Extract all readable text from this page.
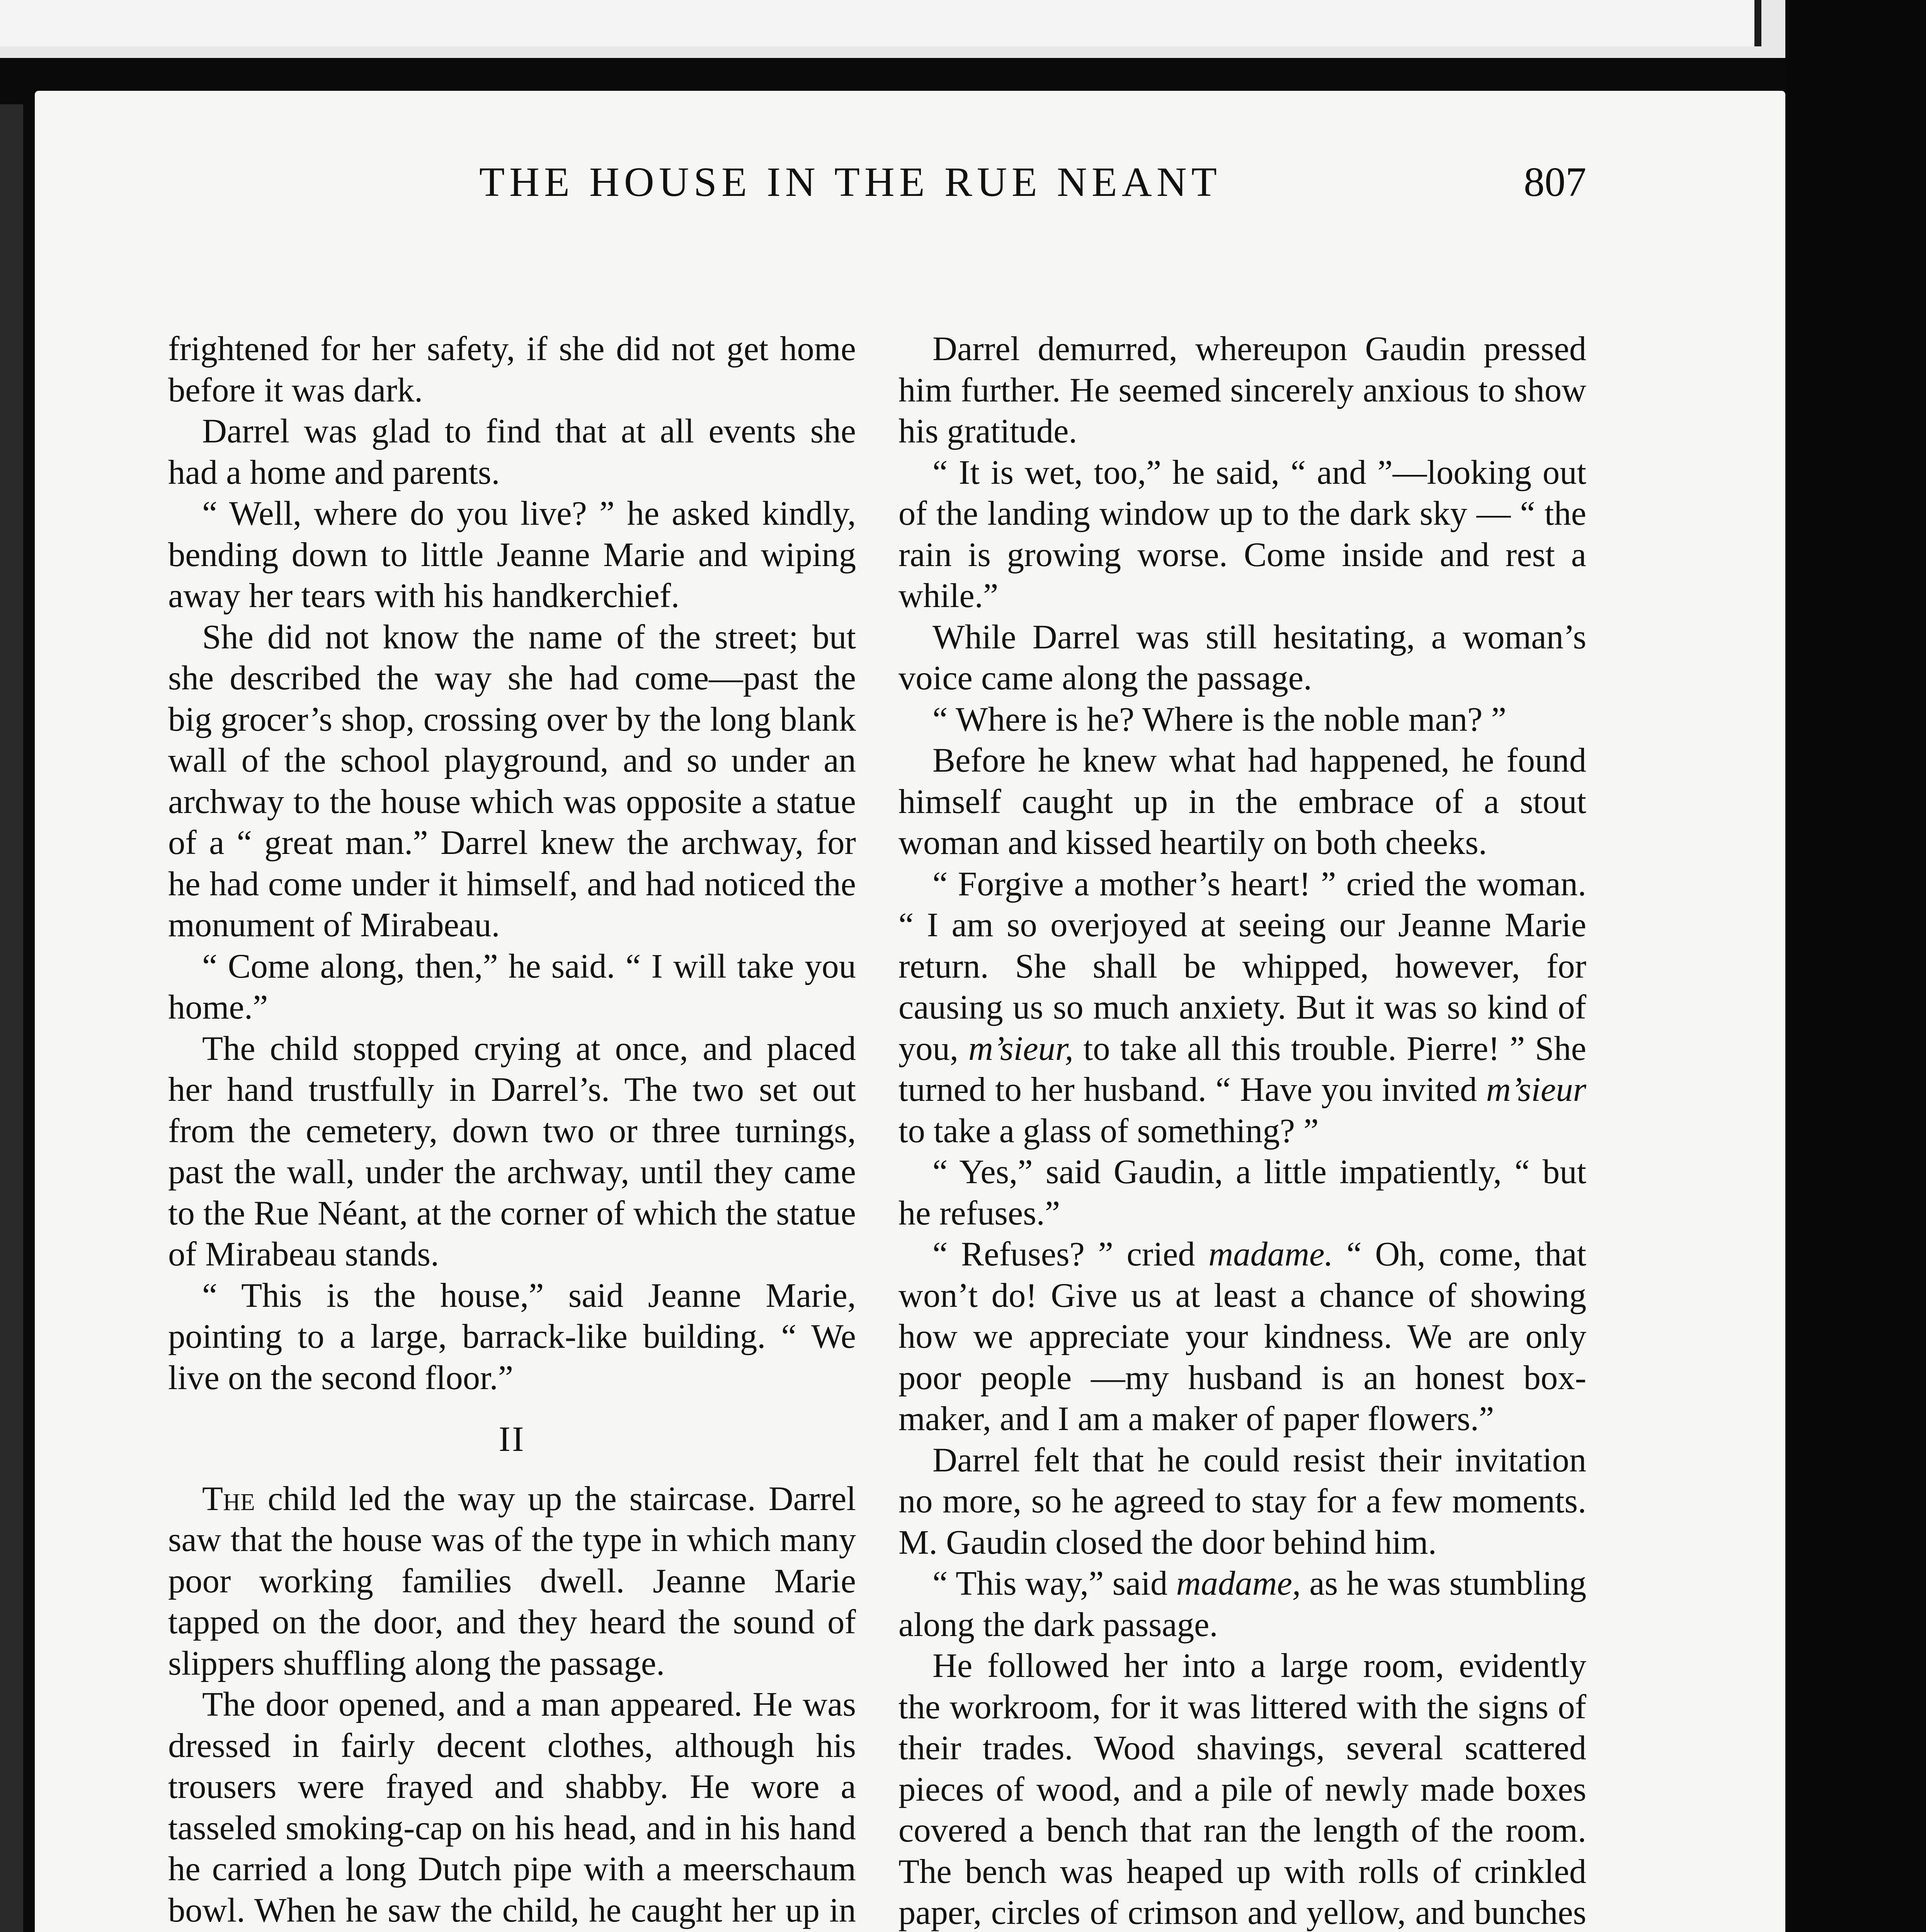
THE HOUSE IN THE RUE NEANT	807

frightened for her safety, if she did not get home before it was dark.

Darrel was glad to find that at all events she had a home and parents.

“ Well, where do you live? ” he asked kindly, bending down to little Jeanne Marie and wiping away her tears with his handkerchief.

She did not know the name of the street; but she described the way she had come—past the big grocer’s shop, crossing over by the long blank wall of the school playground, and so under an archway to the house which was opposite a statue of a “ great man.” Darrel knew the archway, for he had come under it himself, and had noticed the monument of Mirabeau.

“ Come along, then,” he said. “ I will take you home.”

The child stopped crying at once, and placed her hand trustfully in Darrel’s. The two set out from the cemetery, down two or three turnings, past the wall, under the archway, until they came to the Rue Néant, at the corner of which the statue of Mirabeau stands.

“ This is the house,” said Jeanne Marie, pointing to a large, barrack-like building. “ We live on the second floor.”

II

The child led the way up the staircase. Darrel saw that the house was of the type in which many poor working families dwell. Jeanne Marie tapped on the door, and they heard the sound of slippers shuffling along the passage.

The door opened, and a man appeared. He was dressed in fairly decent clothes, although his trousers were frayed and shabby. He wore a tasseled smoking-cap on his head, and in his hand he carried a long Dutch pipe with a meerschaum bowl. When he saw the child, he caught her up in

Darrel demurred, whereupon Gaudin pressed him further. He seemed sincerely anxious to show his gratitude.

“ It is wet, too,” he said, “ and ”—looking out of the landing window up to the dark sky — “ the rain is growing worse. Come inside and rest a while.”

While Darrel was still hesitating, a woman’s voice came along the passage.

“ Where is he? Where is the noble man? ”

Before he knew what had happened, he found himself caught up in the embrace of a stout woman and kissed heartily on both cheeks.

“ Forgive a mother’s heart! ” cried the woman. “ I am so overjoyed at seeing our Jeanne Marie return. She shall be whipped, however, for causing us so much anxiety. But it was so kind of you, m’sieur, to take all this trouble. Pierre! ” She turned to her husband. “ Have you invited m’sieur to take a glass of something? ”

“ Yes,” said Gaudin, a little impatiently, “ but he refuses.”

“ Refuses? ” cried madame. “ Oh, come, that won’t do! Give us at least a chance of showing how we appreciate your kindness. We are only poor people —my husband is an honest box-maker, and I am a maker of paper flowers.”

Darrel felt that he could resist their invitation no more, so he agreed to stay for a few moments. M. Gaudin closed the door behind him.

“ This way,” said madame, as he was stumbling along the dark passage.

He followed her into a large room, evidently the workroom, for it was littered with the signs of their trades. Wood shavings, several scattered pieces of wood, and a pile of newly made boxes covered a bench that ran the length of the room. The bench was heaped up with rolls of crinkled paper, circles of crimson and yellow, and bunches
